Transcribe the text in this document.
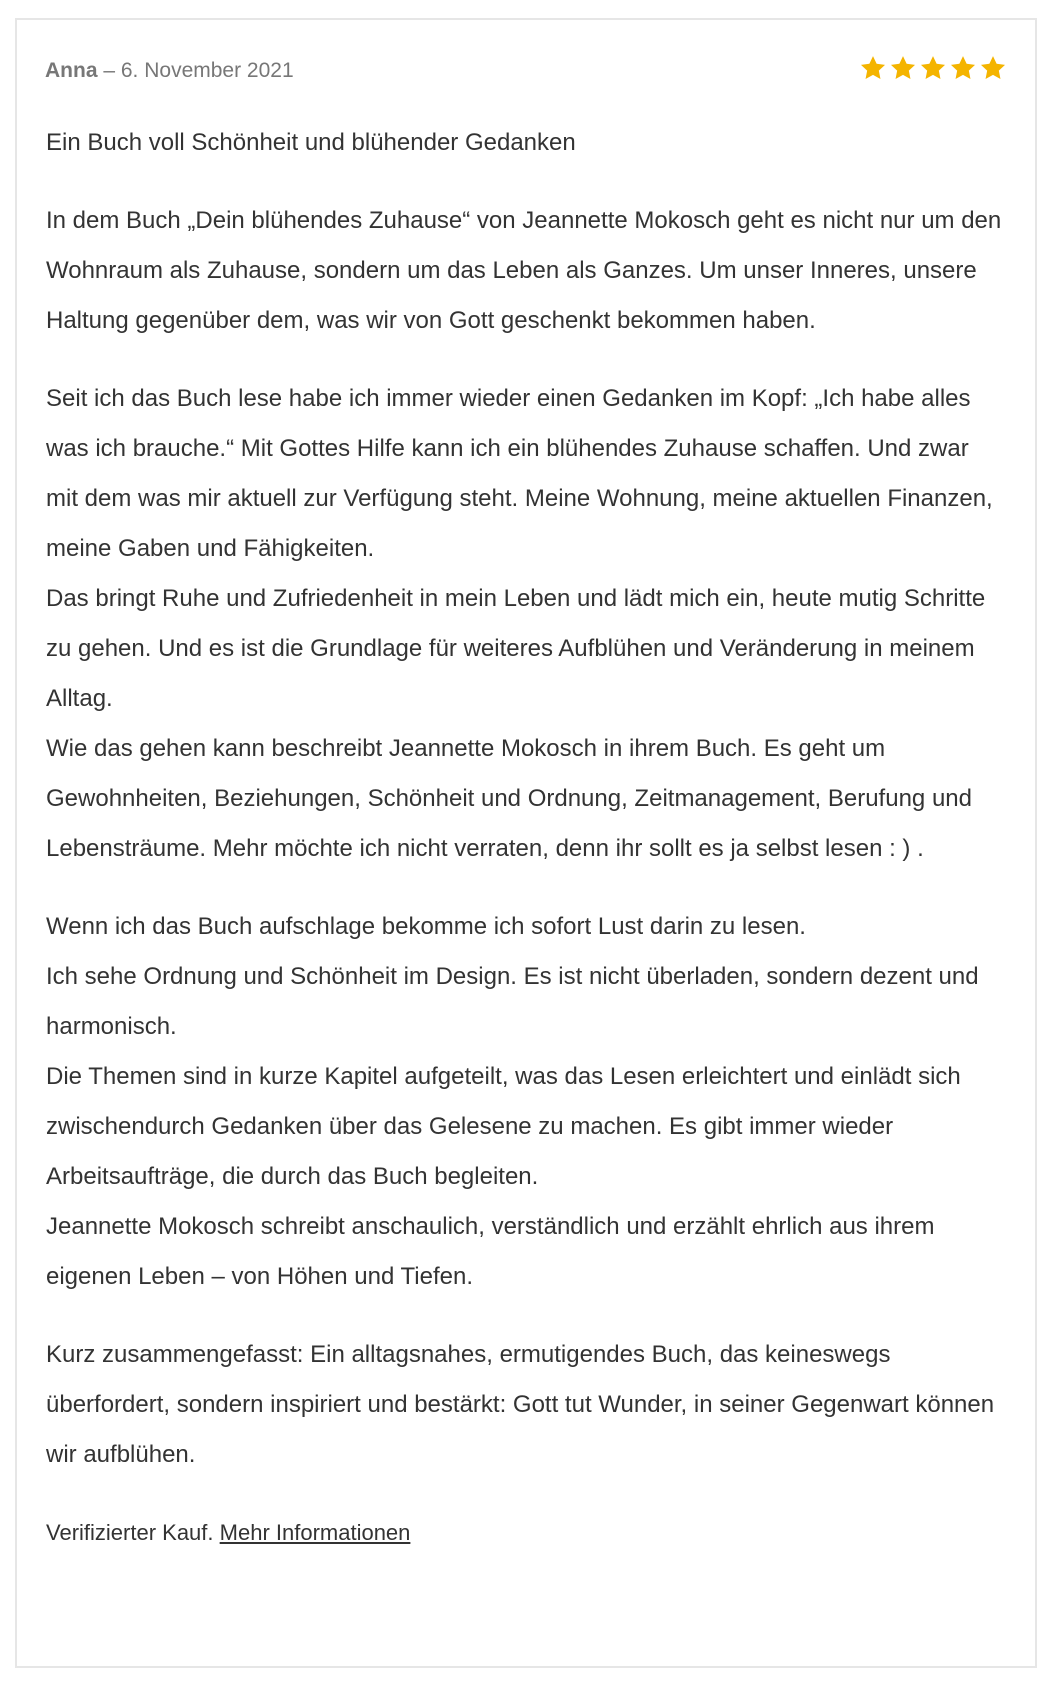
Anna – 6. November 2021
Ein Buch voll Schönheit und blühender Gedanken
In dem Buch „Dein blühendes Zuhause“ von Jeannette Mokosch geht es nicht nur um den Wohnraum als Zuhause, sondern um das Leben als Ganzes. Um unser Inneres, unsere Haltung gegenüber dem, was wir von Gott geschenkt bekommen haben.
Seit ich das Buch lese habe ich immer wieder einen Gedanken im Kopf: „Ich habe alles was ich brauche.“ Mit Gottes Hilfe kann ich ein blühendes Zuhause schaffen. Und zwar mit dem was mir aktuell zur Verfügung steht. Meine Wohnung, meine aktuellen Finanzen, meine Gaben und Fähigkeiten.
Das bringt Ruhe und Zufriedenheit in mein Leben und lädt mich ein, heute mutig Schritte zu gehen. Und es ist die Grundlage für weiteres Aufblühen und Veränderung in meinem Alltag.
Wie das gehen kann beschreibt Jeannette Mokosch in ihrem Buch. Es geht um Gewohnheiten, Beziehungen, Schönheit und Ordnung, Zeitmanagement, Berufung und Lebensträume. Mehr möchte ich nicht verraten, denn ihr sollt es ja selbst lesen : ) .
Wenn ich das Buch aufschlage bekomme ich sofort Lust darin zu lesen.
Ich sehe Ordnung und Schönheit im Design. Es ist nicht überladen, sondern dezent und harmonisch.
Die Themen sind in kurze Kapitel aufgeteilt, was das Lesen erleichtert und einlädt sich zwischendurch Gedanken über das Gelesene zu machen. Es gibt immer wieder Arbeitsaufträge, die durch das Buch begleiten.
Jeannette Mokosch schreibt anschaulich, verständlich und erzählt ehrlich aus ihrem eigenen Leben – von Höhen und Tiefen.
Kurz zusammengefasst: Ein alltagsnahes, ermutigendes Buch, das keineswegs überfordert, sondern inspiriert und bestärkt: Gott tut Wunder, in seiner Gegenwart können wir aufblühen.

Verifizierter Kauf. Mehr Informationen
